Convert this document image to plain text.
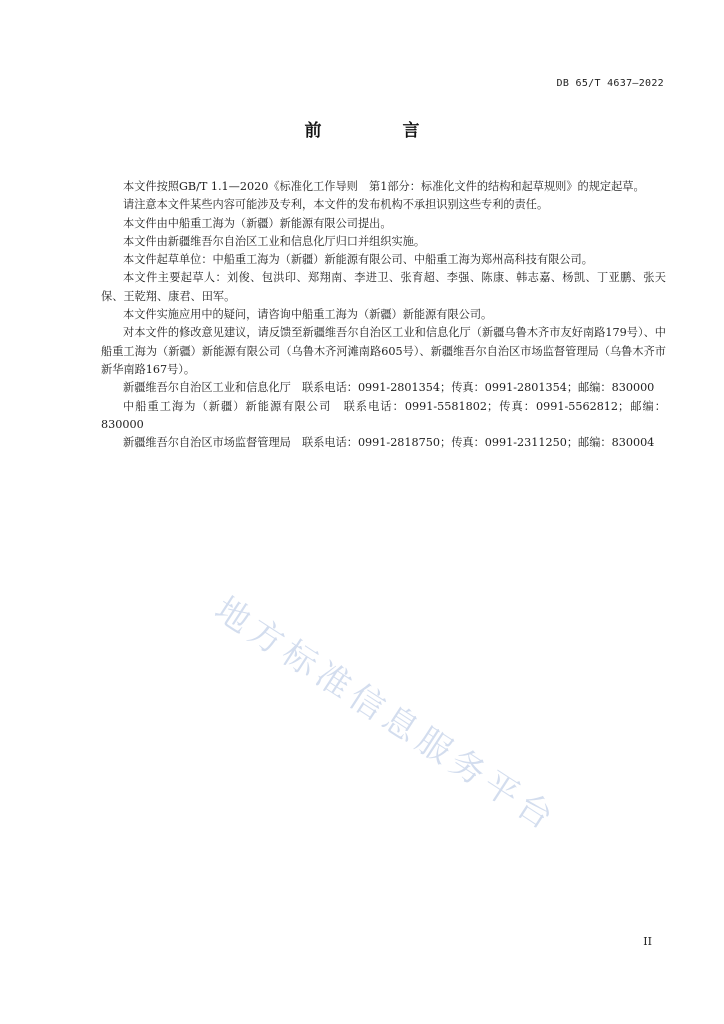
DB 65/T 4637—2022
前　言

本文件按照GB/T 1.1—2020《标准化工作导则　第1部分：标准化文件的结构和起草规则》的规定起草。

请注意本文件某些内容可能涉及专利，本文件的发布机构不承担识别这些专利的责任。

本文件由中船重工海为（新疆）新能源有限公司提出。

本文件由新疆维吾尔自治区工业和信息化厅归口并组织实施。

本文件起草单位：中船重工海为（新疆）新能源有限公司、中船重工海为郑州高科技有限公司。

本文件主要起草人：刘俊、包洪印、郑翔南、李进卫、张育超、李强、陈康、韩志嘉、杨凯、丁亚鹏、张天保、王乾翔、康君、田军。

本文件实施应用中的疑问，请咨询中船重工海为（新疆）新能源有限公司。

对本文件的修改意见建议，请反馈至新疆维吾尔自治区工业和信息化厅（新疆乌鲁木齐市友好南路179号）、中船重工海为（新疆）新能源有限公司（乌鲁木齐河滩南路605号）、新疆维吾尔自治区市场监督管理局（乌鲁木齐市新华南路167号）。

新疆维吾尔自治区工业和信息化厅　联系电话：0991-2801354；传真：0991-2801354；邮编：830000

中船重工海为（新疆）新能源有限公司　联系电话：0991-5581802；传真：0991-5562812；邮编：830000

新疆维吾尔自治区市场监督管理局　联系电话：0991-2818750；传真：0991-2311250；邮编：830004

地方标准信息服务平台
II
